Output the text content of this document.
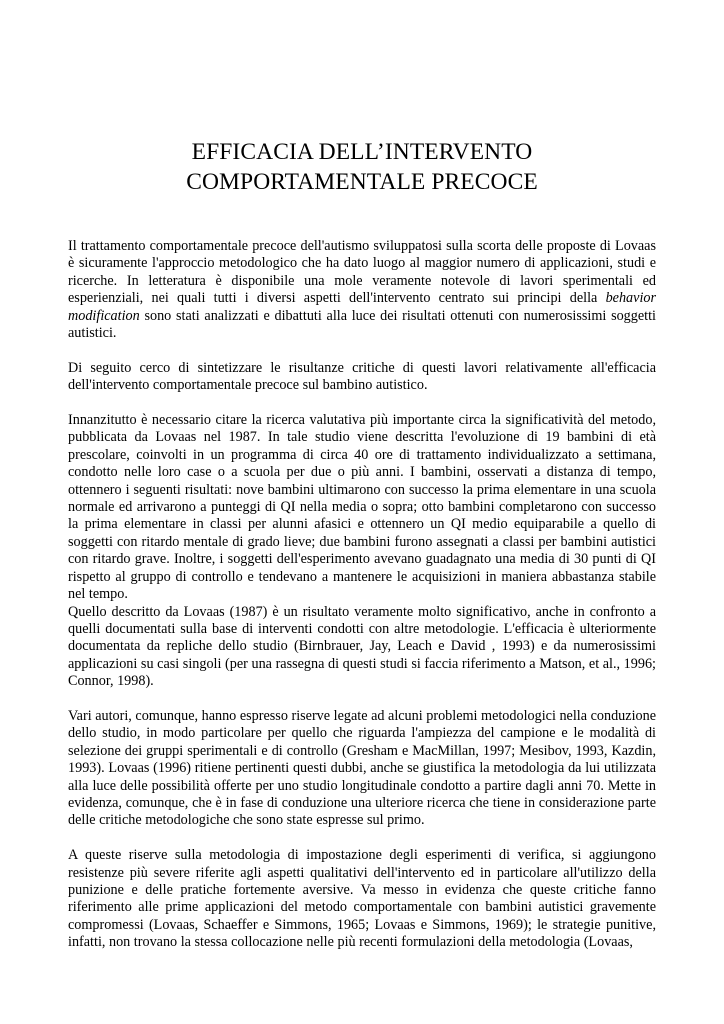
EFFICACIA DELL’INTERVENTO
COMPORTAMENTALE PRECOCE

Il trattamento comportamentale precoce dell'autismo sviluppatosi sulla scorta delle proposte di Lovaas è sicuramente l'approccio metodologico che ha dato luogo al maggior numero di applicazioni, studi e ricerche. In letteratura è disponibile una mole veramente notevole di lavori sperimentali ed esperienziali, nei quali tutti i diversi aspetti dell'intervento centrato sui principi della behavior modification sono stati analizzati e dibattuti alla luce dei risultati ottenuti con numerosissimi soggetti autistici.

Di seguito cerco di sintetizzare le risultanze critiche di questi lavori relativamente all'efficacia dell'intervento comportamentale precoce sul bambino autistico.

Innanzitutto è necessario citare la ricerca valutativa più importante circa la significatività del metodo, pubblicata da Lovaas nel 1987. In tale studio viene descritta l'evoluzione di 19 bambini di età prescolare, coinvolti in un programma di circa 40 ore di trattamento individualizzato a settimana, condotto nelle loro case o a scuola per due o più anni. I bambini, osservati a distanza di tempo, ottennero i seguenti risultati: nove bambini ultimarono con successo la prima elementare in una scuola normale ed arrivarono a punteggi di QI nella media o sopra; otto bambini completarono con successo la prima elementare in classi per alunni afasici e ottennero un QI medio equiparabile a quello di soggetti con ritardo mentale di grado lieve; due bambini furono assegnati a classi per bambini autistici con ritardo grave. Inoltre, i soggetti dell'esperimento avevano guadagnato una media di 30 punti di QI rispetto al gruppo di controllo e tendevano a mantenere le acquisizioni in maniera abbastanza stabile nel tempo.

Quello descritto da Lovaas (1987) è un risultato veramente molto significativo, anche in confronto a quelli documentati sulla base di interventi condotti con altre metodologie. L'efficacia è ulteriormente documentata da repliche dello studio (Birnbrauer, Jay, Leach e David , 1993) e da numerosissimi applicazioni su casi singoli (per una rassegna di questi studi si faccia riferimento a Matson, et al., 1996; Connor, 1998).

Vari autori, comunque, hanno espresso riserve legate ad alcuni problemi metodologici nella conduzione dello studio, in modo particolare per quello che riguarda l'ampiezza del campione e le modalità di selezione dei gruppi sperimentali e di controllo (Gresham e MacMillan, 1997; Mesibov, 1993, Kazdin, 1993). Lovaas (1996) ritiene pertinenti questi dubbi, anche se giustifica la metodologia da lui utilizzata alla luce delle possibilità offerte per uno studio longitudinale condotto a partire dagli anni 70. Mette in evidenza, comunque, che è in fase di conduzione una ulteriore ricerca che tiene in considerazione parte delle critiche metodologiche che sono state espresse sul primo.

A queste riserve sulla metodologia di impostazione degli esperimenti di verifica, si aggiungono resistenze più severe riferite agli aspetti qualitativi dell'intervento ed in particolare all'utilizzo della punizione e delle pratiche fortemente aversive. Va messo in evidenza che queste critiche fanno riferimento alle prime applicazioni del metodo comportamentale con bambini autistici gravemente compromessi (Lovaas, Schaeffer e Simmons, 1965; Lovaas e Simmons, 1969); le strategie punitive, infatti, non trovano la stessa collocazione nelle più recenti formulazioni della metodologia (Lovaas,
